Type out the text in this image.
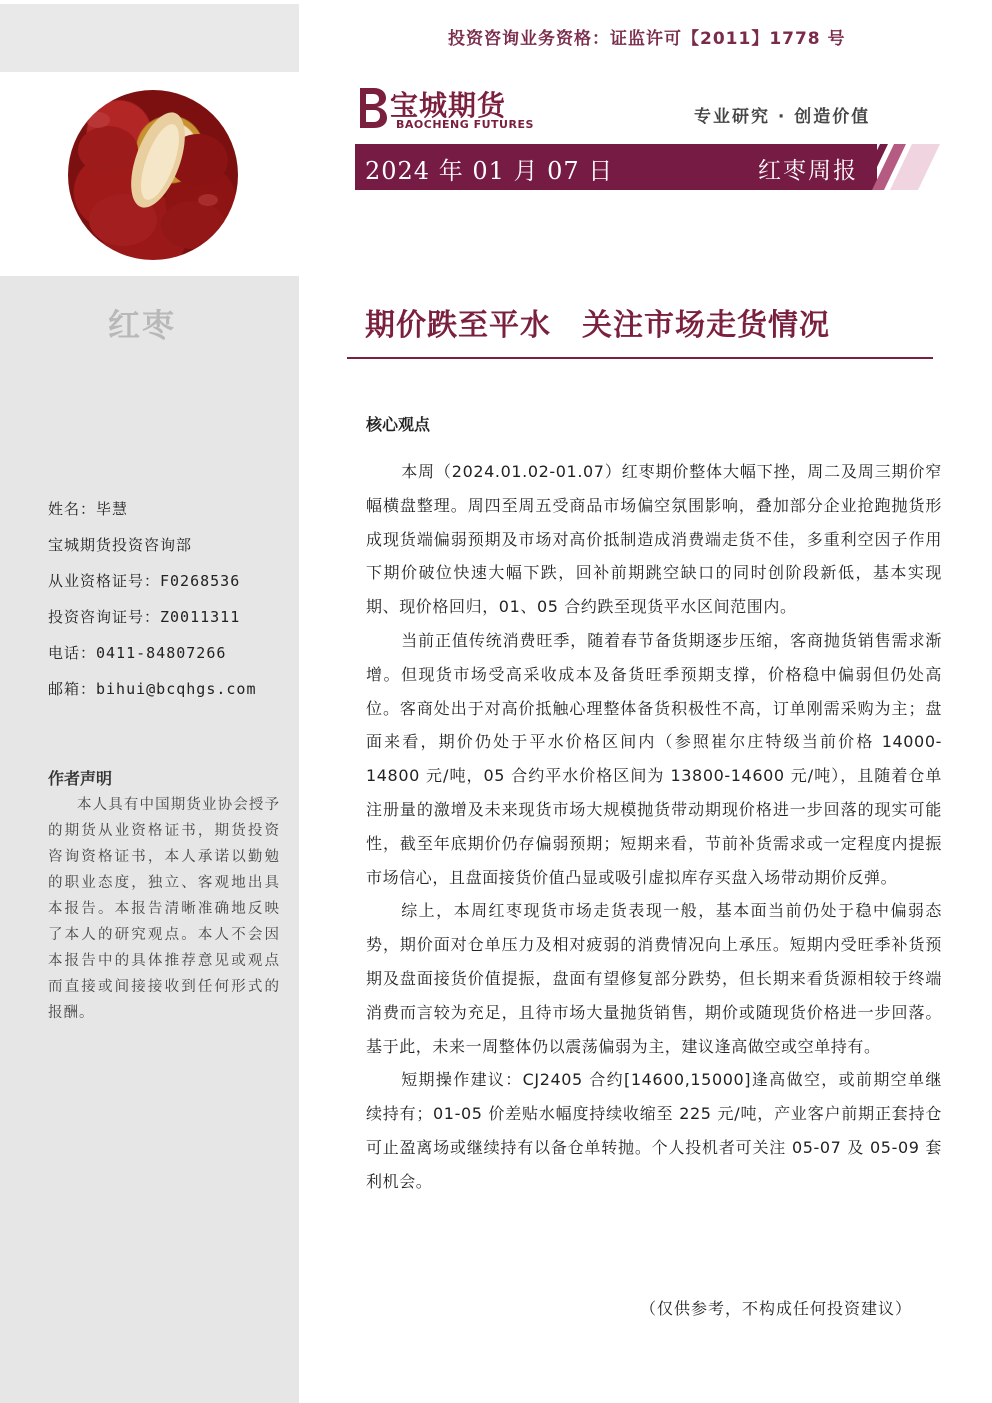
红枣
姓名：毕慧
宝城期货投资咨询部
从业资格证号：F0268536
投资咨询证号：Z0011311
电话：0411-84807266
邮箱：bihui@bcqhgs.com
作者声明
本人具有中国期货业协会授予的期货从业资格证书，期货投资咨询资格证书，本人承诺以勤勉的职业态度，独立、客观地出具本报告。本报告清晰准确地反映了本人的研究观点。本人不会因本报告中的具体推荐意见或观点而直接或间接接收到任何形式的报酬。
投资咨询业务资格：证监许可【2011】1778 号
宝城期货
BAOCHENG FUTURES	专业研究 · 创造价值
2024 年 01 月 07 日	红枣周报
期价跌至平水　关注市场走货情况
核心观点

本周（2024.01.02-01.07）红枣期价整体大幅下挫，周二及周三期价窄幅横盘整理。周四至周五受商品市场偏空氛围影响，叠加部分企业抢跑抛货形成现货端偏弱预期及市场对高价抵制造成消费端走货不佳，多重利空因子作用下期价破位快速大幅下跌，回补前期跳空缺口的同时创阶段新低，基本实现期、现价格回归，01、05 合约跌至现货平水区间范围内。

当前正值传统消费旺季，随着春节备货期逐步压缩，客商抛货销售需求渐增。但现货市场受高采收成本及备货旺季预期支撑，价格稳中偏弱但仍处高位。客商处出于对高价抵触心理整体备货积极性不高，订单刚需采购为主；盘面来看，期价仍处于平水价格区间内（参照崔尔庄特级当前价格 14000-14800 元/吨，05 合约平水价格区间为 13800-14600 元/吨），且随着仓单注册量的激增及未来现货市场大规模抛货带动期现价格进一步回落的现实可能性，截至年底期价仍存偏弱预期；短期来看，节前补货需求或一定程度内提振市场信心，且盘面接货价值凸显或吸引虚拟库存买盘入场带动期价反弹。

综上，本周红枣现货市场走货表现一般，基本面当前仍处于稳中偏弱态势，期价面对仓单压力及相对疲弱的消费情况向上承压。短期内受旺季补货预期及盘面接货价值提振，盘面有望修复部分跌势，但长期来看货源相较于终端消费而言较为充足，且待市场大量抛货销售，期价或随现货价格进一步回落。基于此，未来一周整体仍以震荡偏弱为主，建议逢高做空或空单持有。

短期操作建议：CJ2405 合约[14600,15000]逢高做空，或前期空单继续持有；01-05 价差贴水幅度持续收缩至 225 元/吨，产业客户前期正套持仓可止盈离场或继续持有以备仓单转抛。个人投机者可关注 05-07 及 05-09 套利机会。

（仅供参考，不构成任何投资建议）
